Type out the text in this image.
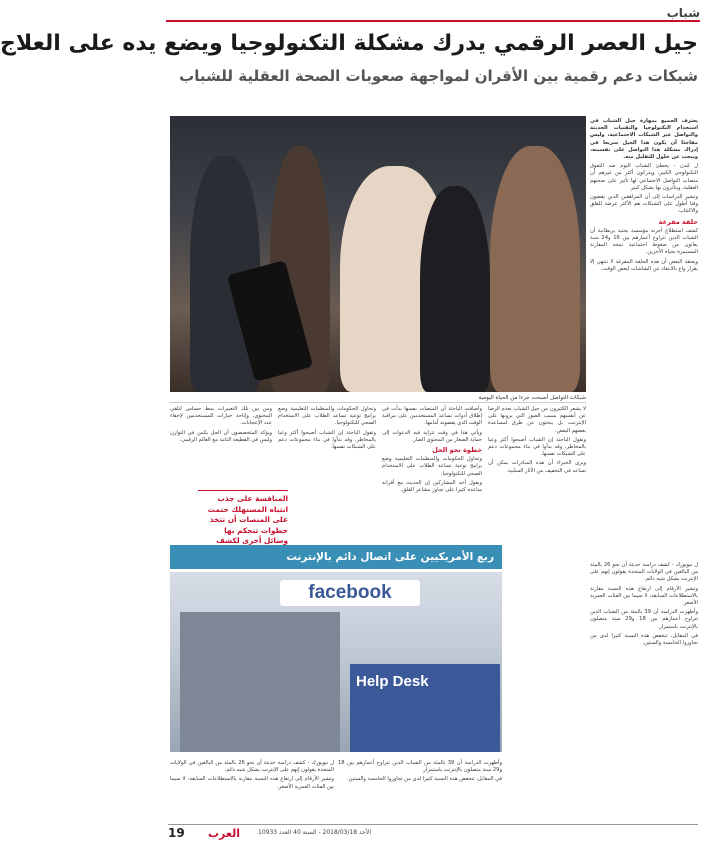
شباب
جيل العصر الرقمي يدرك مشكلة التكنولوجيا ويضع يده على العلاج
شبكات دعم رقمية بين الأقران لمواجهة صعوبات الصحة العقلية للشباب

يعترف الجميع بمهارة جيل الشباب في استخدام التكنولوجيا والتقنيات الحديثة والتواصل عبر الشبكات الاجتماعية، وليس مفاجئا أن يكون هذا الجيل سريعا في إدراك مشكلة هذا التواصل على نفسيته، ويبحث عن حلول للتقليل منه.

ل لندن - يخطئ الشباب اليوم ضد التفوق التكنولوجي الكبير، ويدركون أكثر من غيرهم أن منصات التواصل الاجتماعي لها تأثير على صحتهم العقلية، ويتأثرون بها بشكل كبير.

وتشير الدراسات إلى أن المراهقين الذين يقضون وقتا أطول على الشبكات هم الأكثر عرضة للقلق والاكتئاب.

حلقة مفرغة

كشف استطلاع أجرته مؤسسة بحثية بريطانية أن الشباب الذين تتراوح أعمارهم بين 16 و24 سنة يعانون من ضغوط اجتماعية نتيجة المقارنة المستمرة بحياة الآخرين.

ويعتقد البعض أن هذه الحلقة المفرغة لا تنتهي إلا بقرار واع بالابتعاد عن الشاشات لبعض الوقت.

شبكات التواصل أصبحت جزءا من الحياة اليومية

لا يشعر الكثيرون من جيل الشباب بعدم الرضا عن أنفسهم بسبب الصور التي يرونها على الإنترنت، بل يبحثون عن طرق لمساعدة بعضهم البعض.

وتقول الباحثة إن الشباب أصبحوا أكثر وعيا بالمخاطر، وقد بدأوا في بناء مجموعات دعم على الشبكات نفسها.

ويرى الخبراء أن هذه المبادرات يمكن أن تساعد في التخفيف من الآثار السلبية.

وأضافت الباحثة أن المنصات نفسها بدأت في إطلاق أدوات تساعد المستخدمين على مراقبة الوقت الذي يقضونه أمامها.

ويأتي هذا في وقت تتزايد فيه الدعوات إلى حماية الصغار من المحتوى الضار.

خطوة نحو الحل

وتحاول الحكومات والمنظمات التعليمية وضع برامج توعية تساعد الطلاب على الاستخدام الصحي للتكنولوجيا.

ويقول أحد المشاركين إن الحديث مع أقرانه ساعده كثيرا على تجاوز مشاعر القلق.

وتحاول الحكومات والمنظمات التعليمية وضع برامج توعية تساعد الطلاب على الاستخدام الصحي للتكنولوجيا.

وتقول الباحثة إن الشباب أصبحوا أكثر وعيا بالمخاطر، وقد بدأوا في بناء مجموعات دعم على الشبكات نفسها.

ومن بين تلك التغييرات نمط حساس لتلقي المحتوى، وإتاحة خيارات للمستخدمين لإخفاء عدد الإعجابات.

ويؤكد المتخصصون أن الحل يكمن في التوازن وليس في القطيعة التامة مع العالم الرقمي.

المنافسة على جذب انتباه المستهلك حتمت على المنصات أن تتخذ خطوات تتحكم بها وسائل أخرى لكشف
ربع الأمريكيين على اتصال دائم بالإنترنت
facebook
Help Desk

وأظهرت الدراسة أن 39 بالمئة من الشباب الذين تتراوح أعمارهم بين 18 و29 سنة متصلون بالإنترنت باستمرار.

في المقابل، تنخفض هذه النسبة كثيرا لدى من تجاوزوا الخامسة والستين.

ل نيويورك - كشف دراسة حديثة أن نحو 26 بالمئة من البالغين في الولايات المتحدة يقولون إنهم على الإنترنت بشكل شبه دائم.

وتشير الأرقام إلى ارتفاع هذه النسبة مقارنة بالاستطلاعات السابقة، لا سيما بين الفئات العمرية الأصغر.

ل نيويورك - كشف دراسة حديثة أن نحو 26 بالمئة من البالغين في الولايات المتحدة يقولون إنهم على الإنترنت بشكل شبه دائم.

وتشير الأرقام إلى ارتفاع هذه النسبة مقارنة بالاستطلاعات السابقة، لا سيما بين الفئات العمرية الأصغر.

وأظهرت الدراسة أن 39 بالمئة من الشباب الذين تتراوح أعمارهم بين 18 و29 سنة متصلون بالإنترنت باستمرار.

في المقابل، تنخفض هذه النسبة كثيرا لدى من تجاوزوا الخامسة والستين.

19 العرب	الأحد 2018/03/18 - السنة 40 العدد 10933
